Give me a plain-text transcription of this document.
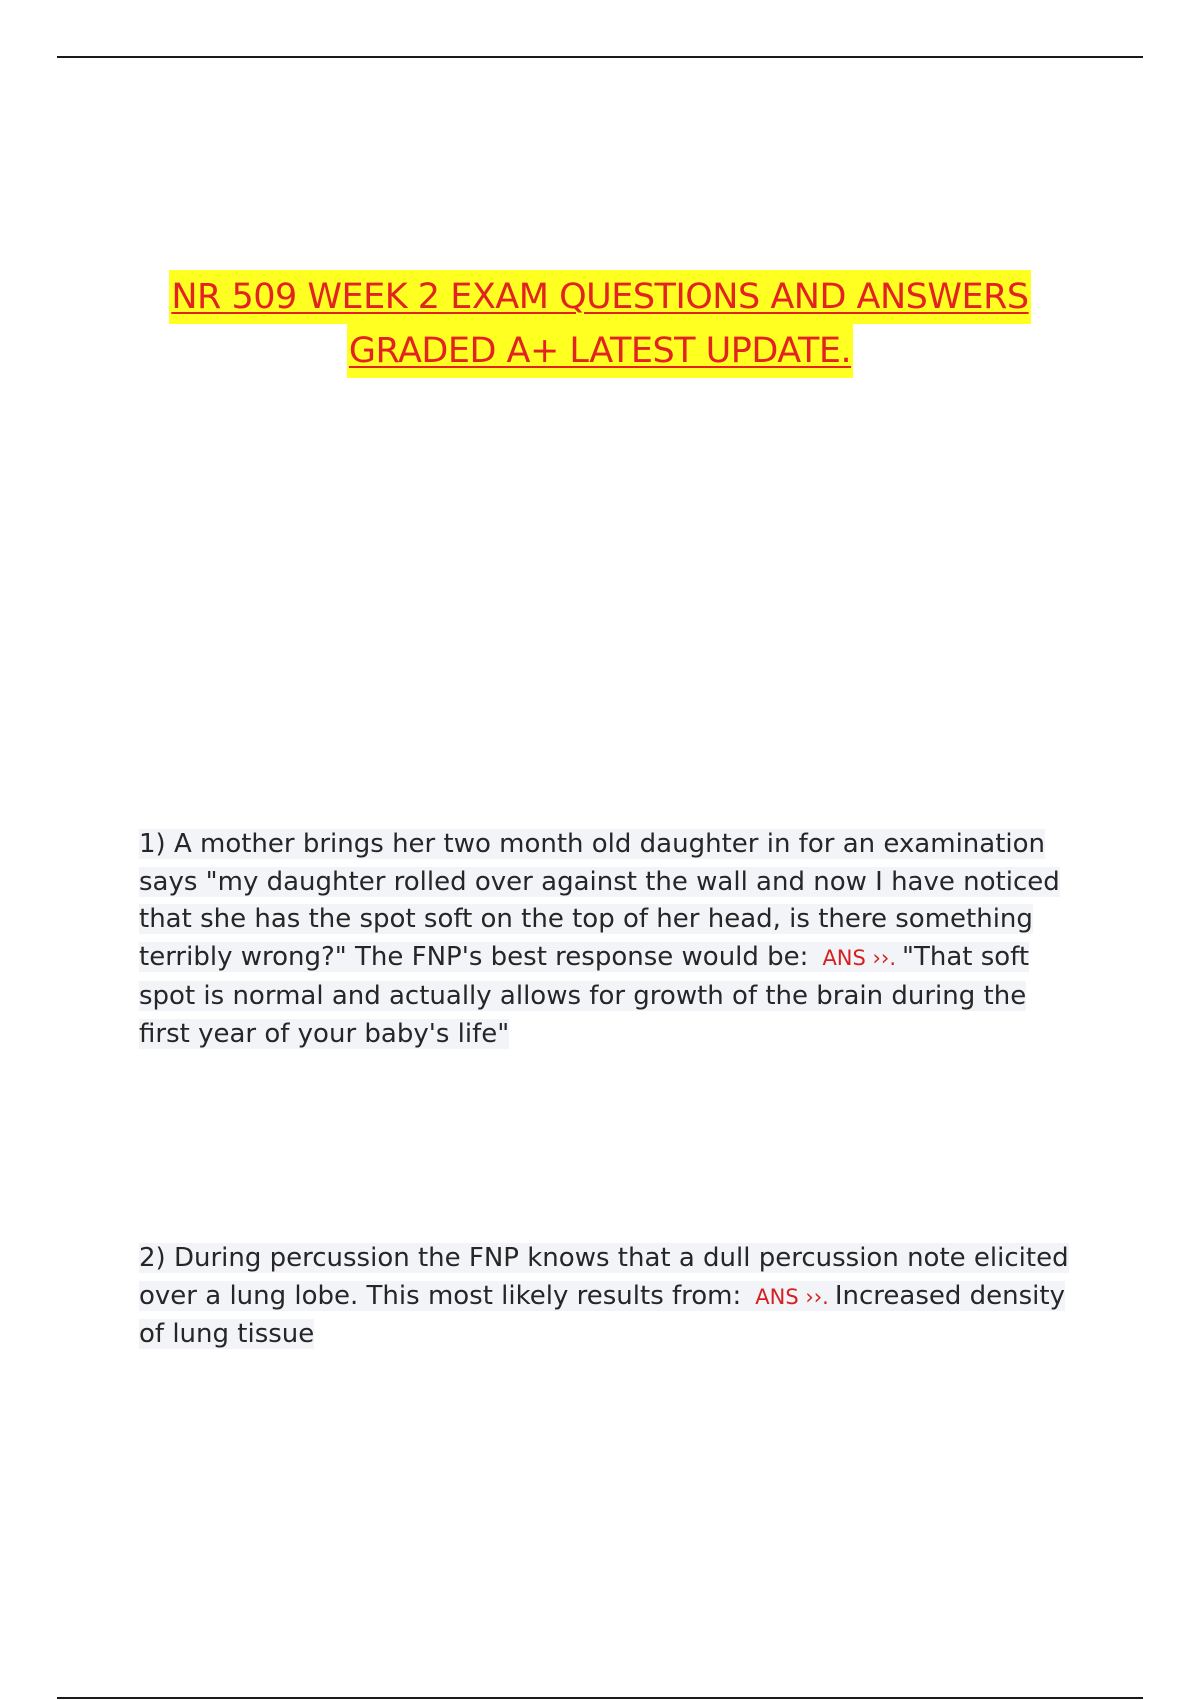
NR 509 WEEK 2 EXAM QUESTIONS AND ANSWERS
GRADED A+ LATEST UPDATE.
1) A mother brings her two month old daughter in for an examination says "my daughter rolled over against the wall and now I have noticed that she has the spot soft on the top of her head, is there something terribly wrong?" The FNP's best response would be: ANS ››. "That soft spot is normal and actually allows for growth of the brain during the first year of your baby's life"
2) During percussion the FNP knows that a dull percussion note elicited over a lung lobe. This most likely results from: ANS ››. Increased density of lung tissue
